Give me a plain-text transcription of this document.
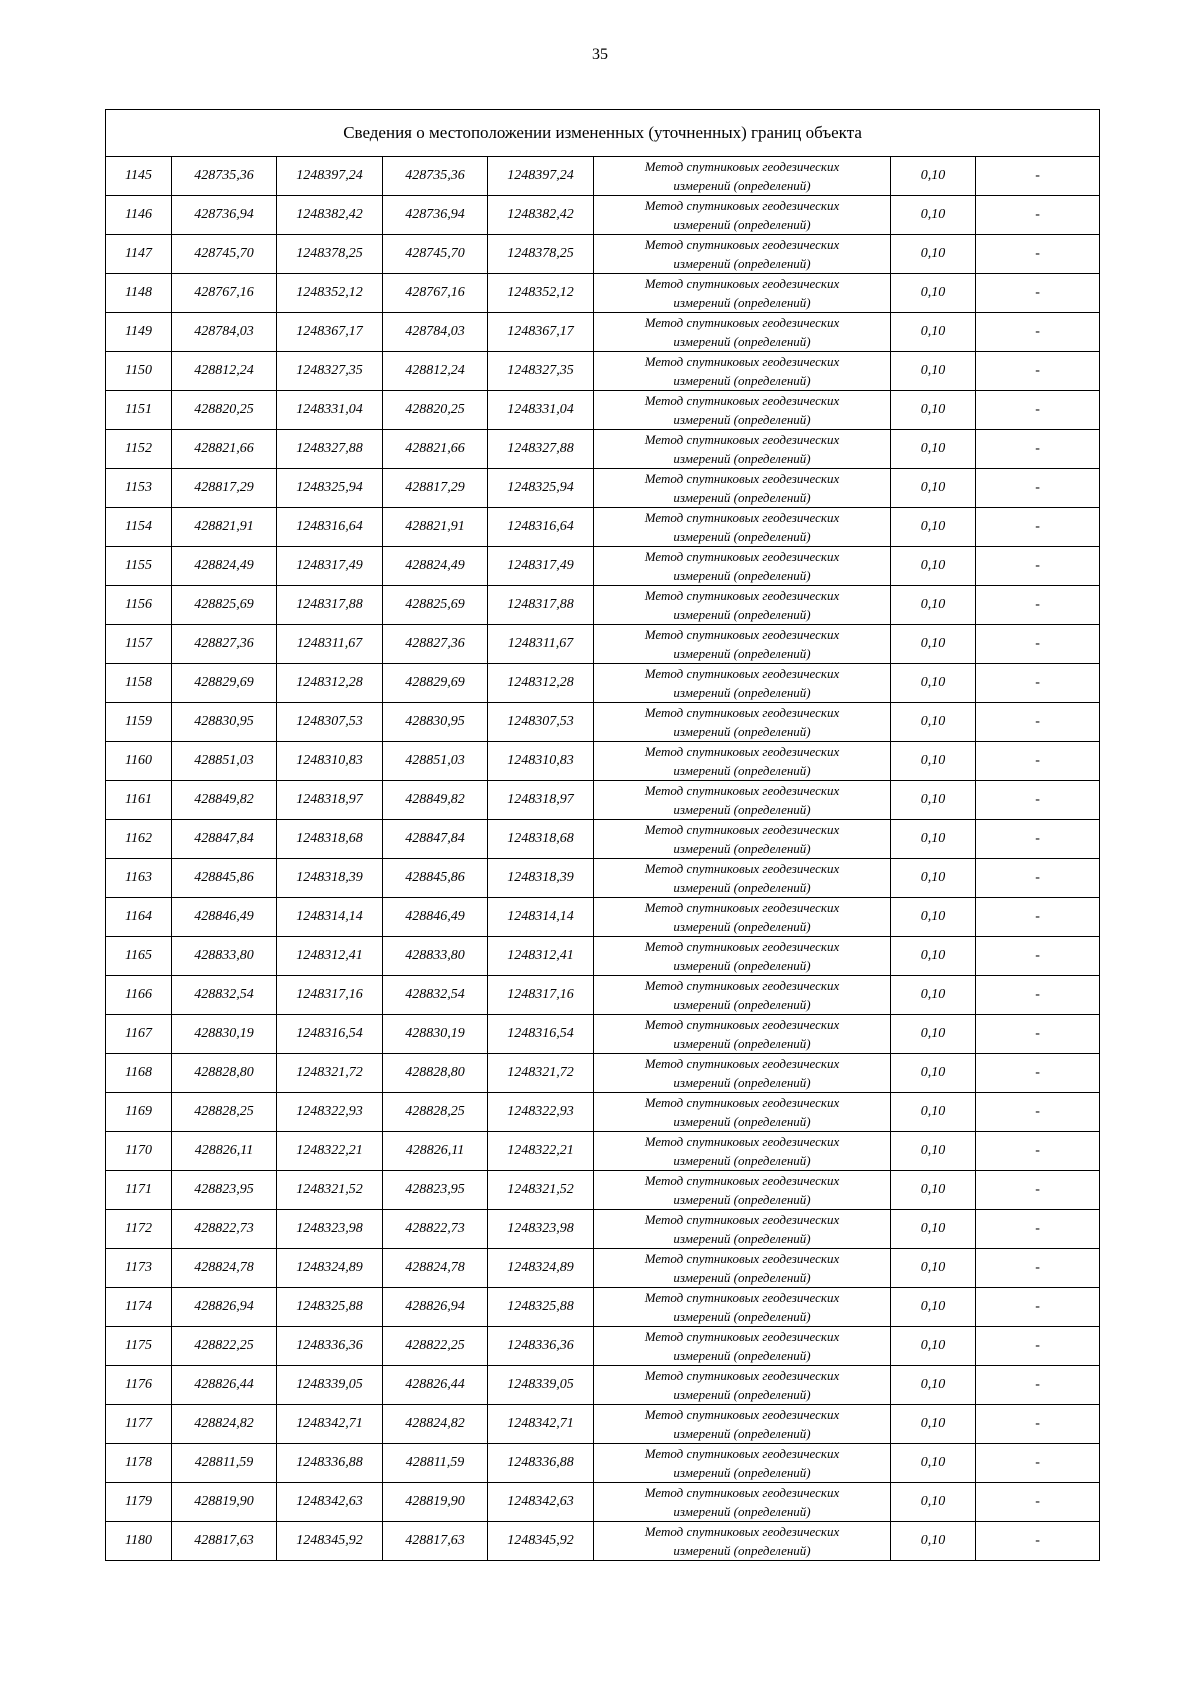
35
Сведения о местоположении измененных (уточненных) границ объекта							
1145	428735,36	1248397,24	428735,36	1248397,24	Метод спутниковых геодезических
измерений (определений)	0,10	-
1146	428736,94	1248382,42	428736,94	1248382,42	Метод спутниковых геодезических
измерений (определений)	0,10	-
1147	428745,70	1248378,25	428745,70	1248378,25	Метод спутниковых геодезических
измерений (определений)	0,10	-
1148	428767,16	1248352,12	428767,16	1248352,12	Метод спутниковых геодезических
измерений (определений)	0,10	-
1149	428784,03	1248367,17	428784,03	1248367,17	Метод спутниковых геодезических
измерений (определений)	0,10	-
1150	428812,24	1248327,35	428812,24	1248327,35	Метод спутниковых геодезических
измерений (определений)	0,10	-
1151	428820,25	1248331,04	428820,25	1248331,04	Метод спутниковых геодезических
измерений (определений)	0,10	-
1152	428821,66	1248327,88	428821,66	1248327,88	Метод спутниковых геодезических
измерений (определений)	0,10	-
1153	428817,29	1248325,94	428817,29	1248325,94	Метод спутниковых геодезических
измерений (определений)	0,10	-
1154	428821,91	1248316,64	428821,91	1248316,64	Метод спутниковых геодезических
измерений (определений)	0,10	-
1155	428824,49	1248317,49	428824,49	1248317,49	Метод спутниковых геодезических
измерений (определений)	0,10	-
1156	428825,69	1248317,88	428825,69	1248317,88	Метод спутниковых геодезических
измерений (определений)	0,10	-
1157	428827,36	1248311,67	428827,36	1248311,67	Метод спутниковых геодезических
измерений (определений)	0,10	-
1158	428829,69	1248312,28	428829,69	1248312,28	Метод спутниковых геодезических
измерений (определений)	0,10	-
1159	428830,95	1248307,53	428830,95	1248307,53	Метод спутниковых геодезических
измерений (определений)	0,10	-
1160	428851,03	1248310,83	428851,03	1248310,83	Метод спутниковых геодезических
измерений (определений)	0,10	-
1161	428849,82	1248318,97	428849,82	1248318,97	Метод спутниковых геодезических
измерений (определений)	0,10	-
1162	428847,84	1248318,68	428847,84	1248318,68	Метод спутниковых геодезических
измерений (определений)	0,10	-
1163	428845,86	1248318,39	428845,86	1248318,39	Метод спутниковых геодезических
измерений (определений)	0,10	-
1164	428846,49	1248314,14	428846,49	1248314,14	Метод спутниковых геодезических
измерений (определений)	0,10	-
1165	428833,80	1248312,41	428833,80	1248312,41	Метод спутниковых геодезических
измерений (определений)	0,10	-
1166	428832,54	1248317,16	428832,54	1248317,16	Метод спутниковых геодезических
измерений (определений)	0,10	-
1167	428830,19	1248316,54	428830,19	1248316,54	Метод спутниковых геодезических
измерений (определений)	0,10	-
1168	428828,80	1248321,72	428828,80	1248321,72	Метод спутниковых геодезических
измерений (определений)	0,10	-
1169	428828,25	1248322,93	428828,25	1248322,93	Метод спутниковых геодезических
измерений (определений)	0,10	-
1170	428826,11	1248322,21	428826,11	1248322,21	Метод спутниковых геодезических
измерений (определений)	0,10	-
1171	428823,95	1248321,52	428823,95	1248321,52	Метод спутниковых геодезических
измерений (определений)	0,10	-
1172	428822,73	1248323,98	428822,73	1248323,98	Метод спутниковых геодезических
измерений (определений)	0,10	-
1173	428824,78	1248324,89	428824,78	1248324,89	Метод спутниковых геодезических
измерений (определений)	0,10	-
1174	428826,94	1248325,88	428826,94	1248325,88	Метод спутниковых геодезических
измерений (определений)	0,10	-
1175	428822,25	1248336,36	428822,25	1248336,36	Метод спутниковых геодезических
измерений (определений)	0,10	-
1176	428826,44	1248339,05	428826,44	1248339,05	Метод спутниковых геодезических
измерений (определений)	0,10	-
1177	428824,82	1248342,71	428824,82	1248342,71	Метод спутниковых геодезических
измерений (определений)	0,10	-
1178	428811,59	1248336,88	428811,59	1248336,88	Метод спутниковых геодезических
измерений (определений)	0,10	-
1179	428819,90	1248342,63	428819,90	1248342,63	Метод спутниковых геодезических
измерений (определений)	0,10	-
1180	428817,63	1248345,92	428817,63	1248345,92	Метод спутниковых геодезических
измерений (определений)	0,10	-
